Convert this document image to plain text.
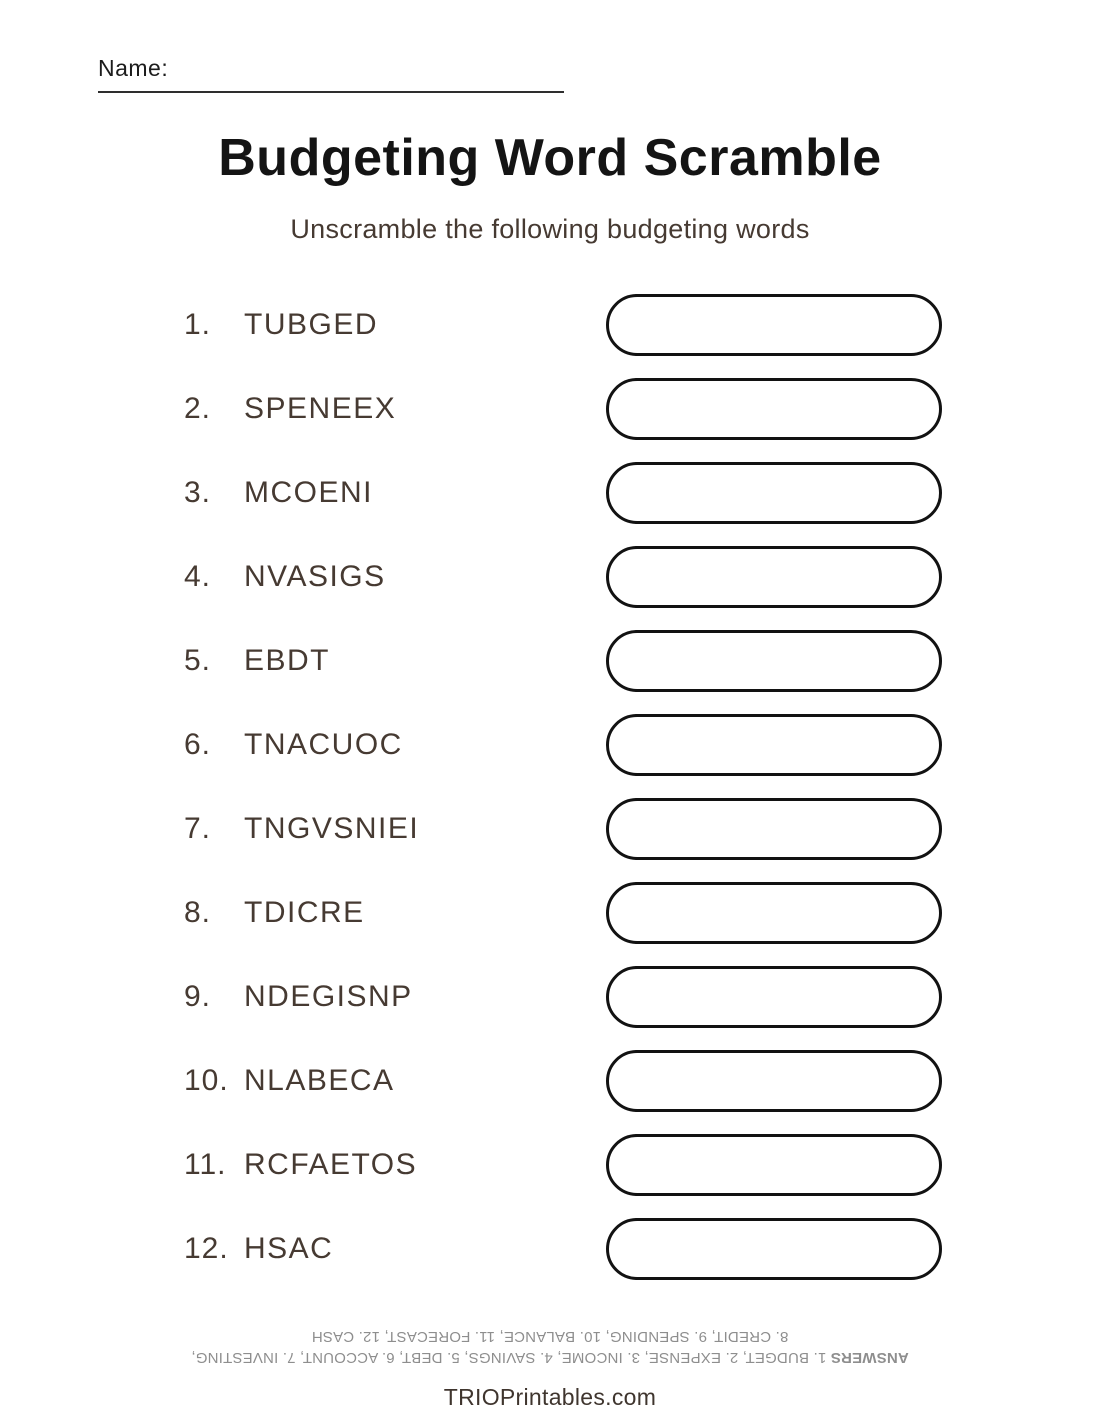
Name:
Budgeting Word Scramble
Unscramble the following budgeting words
1.	TUBGED
2.	SPENEEX
3.	MCOENI
4.	NVASIGS
5.	EBDT
6.	TNACUOC
7.	TNGVSNIEI
8.	TDICRE
9.	NDEGISNP
10. NLABECA
11. RCFAETOS
12. HSAC
ANSWERS 1. BUDGET, 2. EXPENSE, 3. INCOME, 4. SAVINGS, 5. DEBT, 6. ACCOUNT, 7. INVESTING,
8. CREDIT, 9. SPENDING, 10. BALANCE, 11. FORECAST, 12. CASH
TRIOPrintables.com
